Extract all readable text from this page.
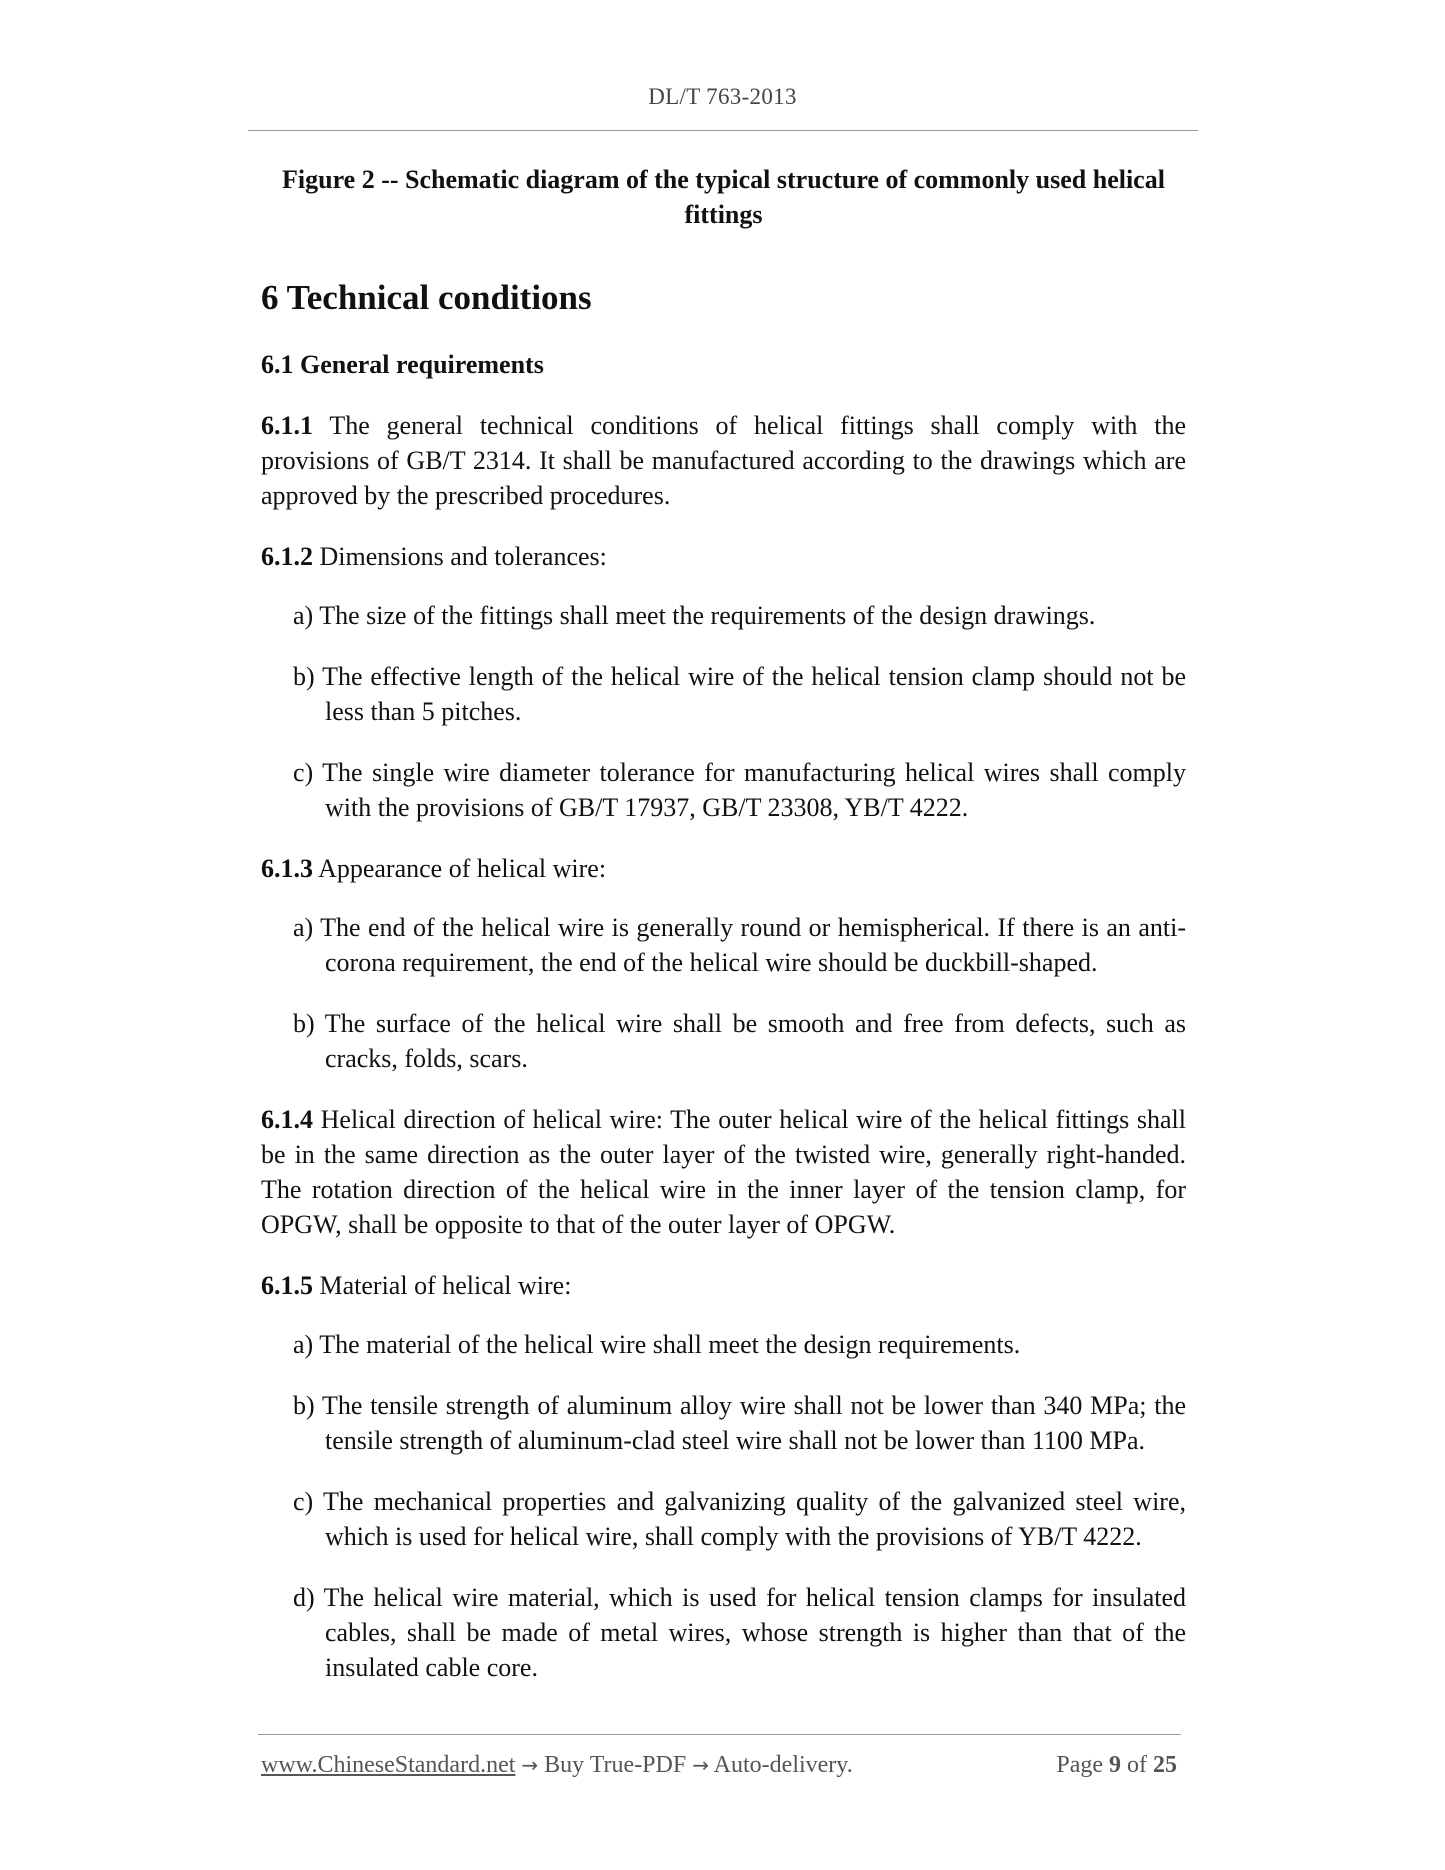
DL/T 763-2013
Figure 2 -- Schematic diagram of the typical structure of commonly used helical fittings
6 Technical conditions
6.1 General requirements

6.1.1 The general technical conditions of helical fittings shall comply with the provisions of GB/T 2314. It shall be manufactured according to the drawings which are approved by the prescribed procedures.

6.1.2 Dimensions and tolerances:

a) The size of the fittings shall meet the requirements of the design drawings.

b) The effective length of the helical wire of the helical tension clamp should not be less than 5 pitches.

c) The single wire diameter tolerance for manufacturing helical wires shall comply with the provisions of GB/T 17937, GB/T 23308, YB/T 4222.

6.1.3 Appearance of helical wire:

a) The end of the helical wire is generally round or hemispherical. If there is an anti-corona requirement, the end of the helical wire should be duckbill-shaped.

b) The surface of the helical wire shall be smooth and free from defects, such as cracks, folds, scars.

6.1.4 Helical direction of helical wire: The outer helical wire of the helical fittings shall be in the same direction as the outer layer of the twisted wire, generally right-handed. The rotation direction of the helical wire in the inner layer of the tension clamp, for OPGW, shall be opposite to that of the outer layer of OPGW.

6.1.5 Material of helical wire:

a) The material of the helical wire shall meet the design requirements.

b) The tensile strength of aluminum alloy wire shall not be lower than 340 MPa; the tensile strength of aluminum-clad steel wire shall not be lower than 1100 MPa.

c) The mechanical properties and galvanizing quality of the galvanized steel wire, which is used for helical wire, shall comply with the provisions of YB/T 4222.

d) The helical wire material, which is used for helical tension clamps for insulated cables, shall be made of metal wires, whose strength is higher than that of the insulated cable core.

www.ChineseStandard.net → Buy True-PDF → Auto-delivery.	Page 9 of 25
